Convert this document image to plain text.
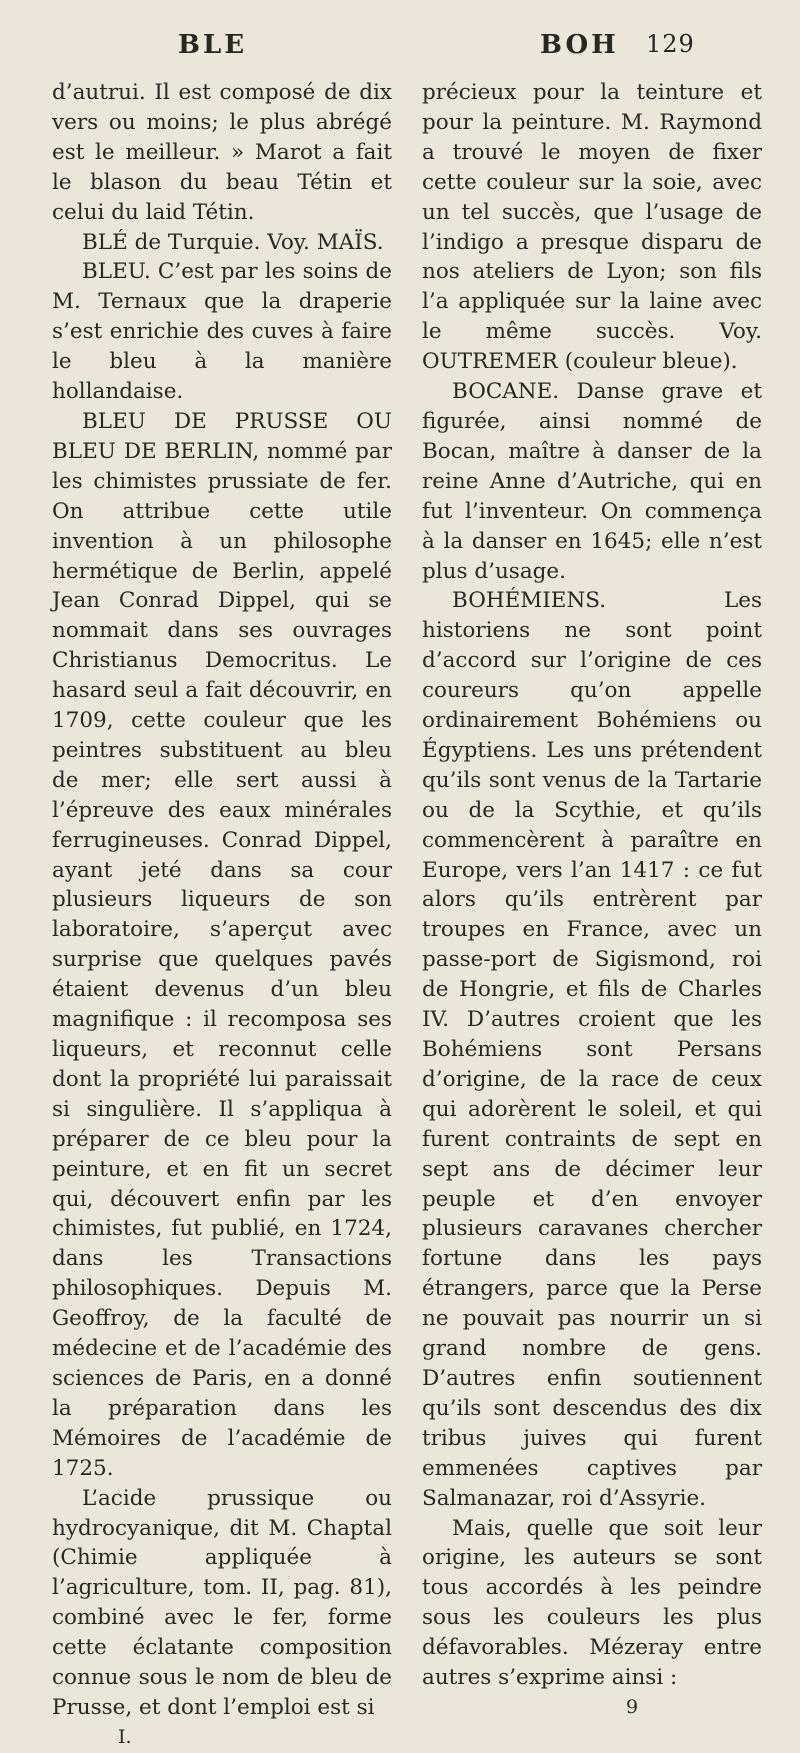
BLE	BOH 129

d’autrui. Il est composé de dix vers ou moins; le plus abrégé est le meilleur. » Marot a fait le blason du beau Tétin et celui du laid Tétin.

BLÉ de Turquie. Voy. MAÏS.

BLEU. C’est par les soins de M. Ternaux que la draperie s’est enrichie des cuves à faire le bleu à la manière hollandaise.

BLEU DE PRUSSE OU BLEU DE BERLIN, nommé par les chimistes prussiate de fer. On attribue cette utile invention à un philosophe hermétique de Berlin, appelé Jean Conrad Dippel, qui se nommait dans ses ouvrages Christianus Democritus. Le hasard seul a fait découvrir, en 1709, cette couleur que les peintres substituent au bleu de mer; elle sert aussi à l’épreuve des eaux minérales ferrugineuses. Conrad Dippel, ayant jeté dans sa cour plusieurs liqueurs de son laboratoire, s’aperçut avec surprise que quelques pavés étaient devenus d’un bleu magnifique : il recomposa ses liqueurs, et reconnut celle dont la propriété lui paraissait si singulière. Il s’appliqua à préparer de ce bleu pour la peinture, et en fit un secret qui, découvert enfin par les chimistes, fut publié, en 1724, dans les Transactions philosophiques. Depuis M. Geoffroy, de la faculté de médecine et de l’académie des sciences de Paris, en a donné la préparation dans les Mémoires de l’académie de 1725.

L’acide prussique ou hydrocyanique, dit M. Chaptal (Chimie appliquée à l’agriculture, tom. II, pag. 81), combiné avec le fer, forme cette éclatante composition connue sous le nom de bleu de Prusse, et dont l’emploi est si

I.

précieux pour la teinture et pour la peinture. M. Raymond a trouvé le moyen de fixer cette couleur sur la soie, avec un tel succès, que l’usage de l’indigo a presque disparu de nos ateliers de Lyon; son fils l’a appliquée sur la laine avec le même succès. Voy. OUTREMER (couleur bleue).

BOCANE. Danse grave et figurée, ainsi nommé de Bocan, maître à danser de la reine Anne d’Autriche, qui en fut l’inventeur. On commença à la danser en 1645; elle n’est plus d’usage.

BOHÉMIENS. Les historiens ne sont point d’accord sur l’origine de ces coureurs qu’on appelle ordinairement Bohémiens ou Égyptiens. Les uns prétendent qu’ils sont venus de la Tartarie ou de la Scythie, et qu’ils commencèrent à paraître en Europe, vers l’an 1417 : ce fut alors qu’ils entrèrent par troupes en France, avec un passe-port de Sigismond, roi de Hongrie, et fils de Charles IV. D’autres croient que les Bohémiens sont Persans d’origine, de la race de ceux qui adorèrent le soleil, et qui furent contraints de sept en sept ans de décimer leur peuple et d’en envoyer plusieurs caravanes chercher fortune dans les pays étrangers, parce que la Perse ne pouvait pas nourrir un si grand nombre de gens. D’autres enfin soutiennent qu’ils sont descendus des dix tribus juives qui furent emmenées captives par Salmanazar, roi d’Assyrie.

Mais, quelle que soit leur origine, les auteurs se sont tous accordés à les peindre sous les couleurs les plus défavorables. Mézeray entre autres s’exprime ainsi :

9
